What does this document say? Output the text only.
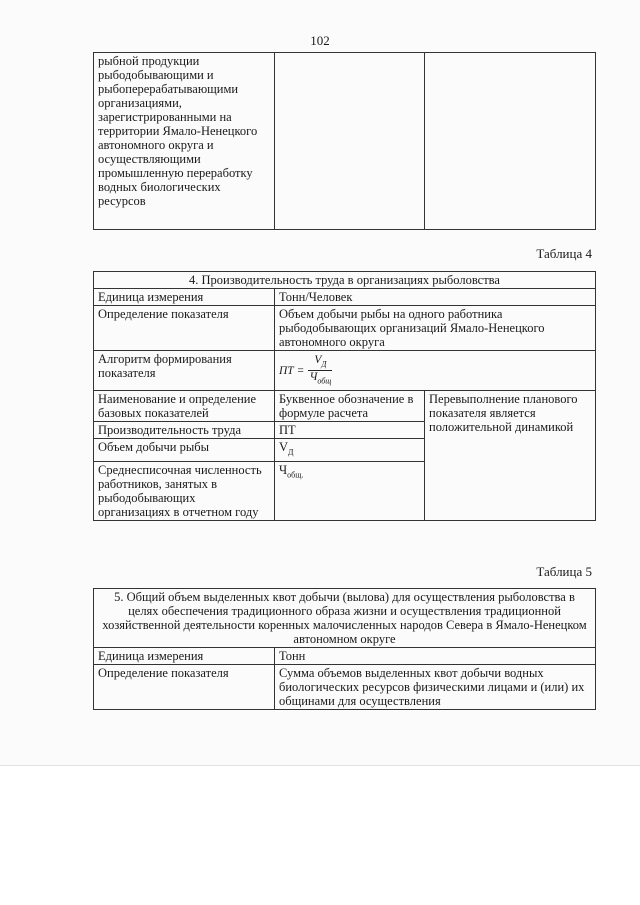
102
рыбной продукции рыбодобывающими и рыбоперерабатывающими организациями, зарегистрированными на территории Ямало-Ненецкого автономного округа и осуществляющими промышленную переработку водных биологических ресурсов		
Таблица 4
4. Производительность труда в организациях рыболовства		
Единица измерения	Тонн/Человек	
Определение показателя	Объем добычи рыбы на одного работника рыбодобывающих организаций Ямало-Ненецкого автономного округа	
Алгоритм формирования показателя	ПТ = $\frac{V_Д}{Ч_{общ}}$

Наименование и определение базовых показателей	Буквенное обозначение в формуле расчета	Перевыполнение планового показателя является положительной динамикой
Производительность труда	ПТ	
Объем добычи рыбы	$V_Д$
Среднесписочная численность работников, занятых в рыбодобывающих организациях в отчетном году	$Ч_{общ.}$
Таблица 5
5. Общий объем выделенных квот добычи (вылова) для осуществления рыболовства в целях обеспечения традиционного образа жизни и осуществления традиционной хозяйственной деятельности коренных малочисленных народов Севера в Ямало-Ненецком автономном округе	
Единица измерения	Тонн
Определение показателя	Сумма объемов выделенных квот добычи водных биологических ресурсов физическими лицами и (или) их общинами для осуществления
